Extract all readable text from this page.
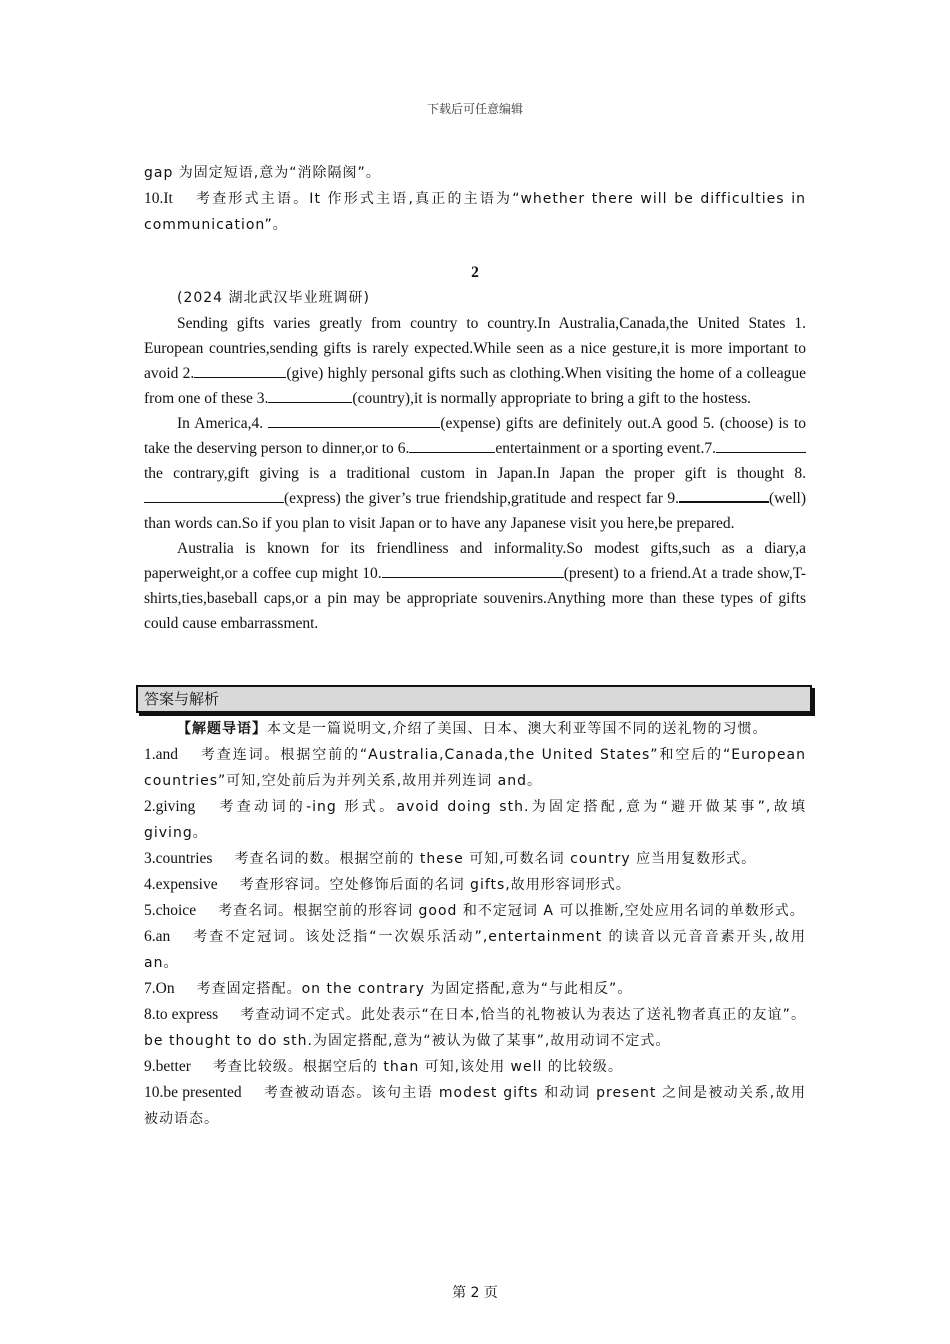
下载后可任意编辑

gap 为固定短语,意为“消除隔阂”。

10.It 考查形式主语。It 作形式主语,真正的主语为“whether there will be difficulties in communication”。

2

(2024 湖北武汉毕业班调研)

Sending gifts varies greatly from country to country.In Australia,Canada,the United States 1. European countries,sending gifts is rarely expected.While seen as a nice gesture,it is more important to avoid 2.	(give) highly personal gifts such as clothing.When visiting the home of a colleague from one of these 3.	(country),it is normally appropriate to bring a gift to the hostess.

In America,4.	(expense) gifts are definitely out.A good 5. (choose) is to take the deserving person to dinner,or to 6.	entertainment or a sporting event.7.the contrary,gift giving is a traditional custom in Japan.In Japan the proper gift is thought 8.(express) the giver’s true friendship,gratitude and respect far 9.	(well) than words can.So if you plan to visit Japan or to have any Japanese visit you here,be prepared.

Australia is known for its friendliness and informality.So modest gifts,such as a diary,a paperweight,or a coffee cup might 10.	(present) to a friend.At a trade show,T-shirts,ties,baseball caps,or a pin may be appropriate souvenirs.Anything more than these types of gifts could cause embarrassment.

答案与解析

【解题导语】本文是一篇说明文,介绍了美国、日本、澳大利亚等国不同的送礼物的习惯。

1.and 考查连词。根据空前的“Australia,Canada,the United States”和空后的“European countries”可知,空处前后为并列关系,故用并列连词 and。

2.giving 考查动词的-ing 形式。avoid doing sth.为固定搭配,意为“避开做某事”,故填 giving。

3.countries 考查名词的数。根据空前的 these 可知,可数名词 country 应当用复数形式。

4.expensive 考查形容词。空处修饰后面的名词 gifts,故用形容词形式。

5.choice 考查名词。根据空前的形容词 good 和不定冠词 A 可以推断,空处应用名词的单数形式。

6.an 考查不定冠词。该处泛指“一次娱乐活动”,entertainment 的读音以元音音素开头,故用 an。

7.On 考查固定搭配。on the contrary 为固定搭配,意为“与此相反”。

8.to express 考查动词不定式。此处表示“在日本,恰当的礼物被认为表达了送礼物者真正的友谊”。be thought to do sth.为固定搭配,意为“被认为做了某事”,故用动词不定式。

9.better 考查比较级。根据空后的 than 可知,该处用 well 的比较级。

10.be presented 考查被动语态。该句主语 modest gifts 和动词 present 之间是被动关系,故用被动语态。

第 2 页
